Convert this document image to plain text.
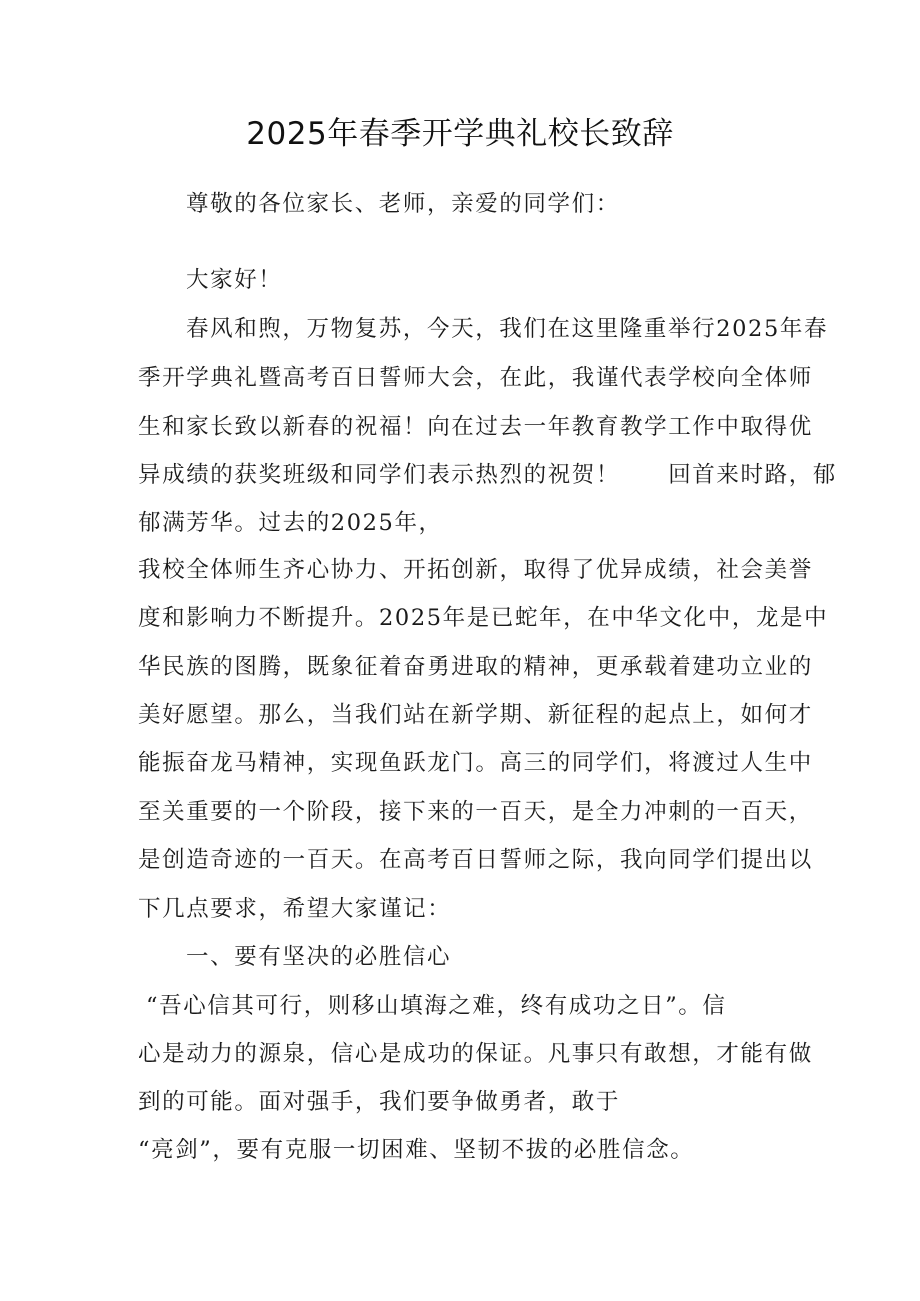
2025年春季开学典礼校长致辞
尊敬的各位家长、老师，亲爱的同学们：
大家好！
春风和煦，万物复苏，今天，我们在这里隆重举行2025年春
季开学典礼暨高考百日誓师大会，在此，我谨代表学校向全体师
生和家长致以新春的祝福！向在过去一年教育教学工作中取得优
异成绩的获奖班级和同学们表示热烈的祝贺！　　回首来时路，郁
郁满芳华。过去的2025年，
我校全体师生齐心协力、开拓创新，取得了优异成绩，社会美誉
度和影响力不断提升。2025年是已蛇年，在中华文化中，龙是中
华民族的图腾，既象征着奋勇进取的精神，更承载着建功立业的
美好愿望。那么，当我们站在新学期、新征程的起点上，如何才
能振奋龙马精神，实现鱼跃龙门。高三的同学们，将渡过人生中
至关重要的一个阶段，接下来的一百天，是全力冲刺的一百天，
是创造奇迹的一百天。在高考百日誓师之际，我向同学们提出以
下几点要求，希望大家谨记：
一、要有坚决的必胜信心
“吾心信其可行，则移山填海之难，终有成功之日”。信
心是动力的源泉，信心是成功的保证。凡事只有敢想，才能有做
到的可能。面对强手，我们要争做勇者，敢于
“亮剑”，要有克服一切困难、坚韧不拔的必胜信念。
